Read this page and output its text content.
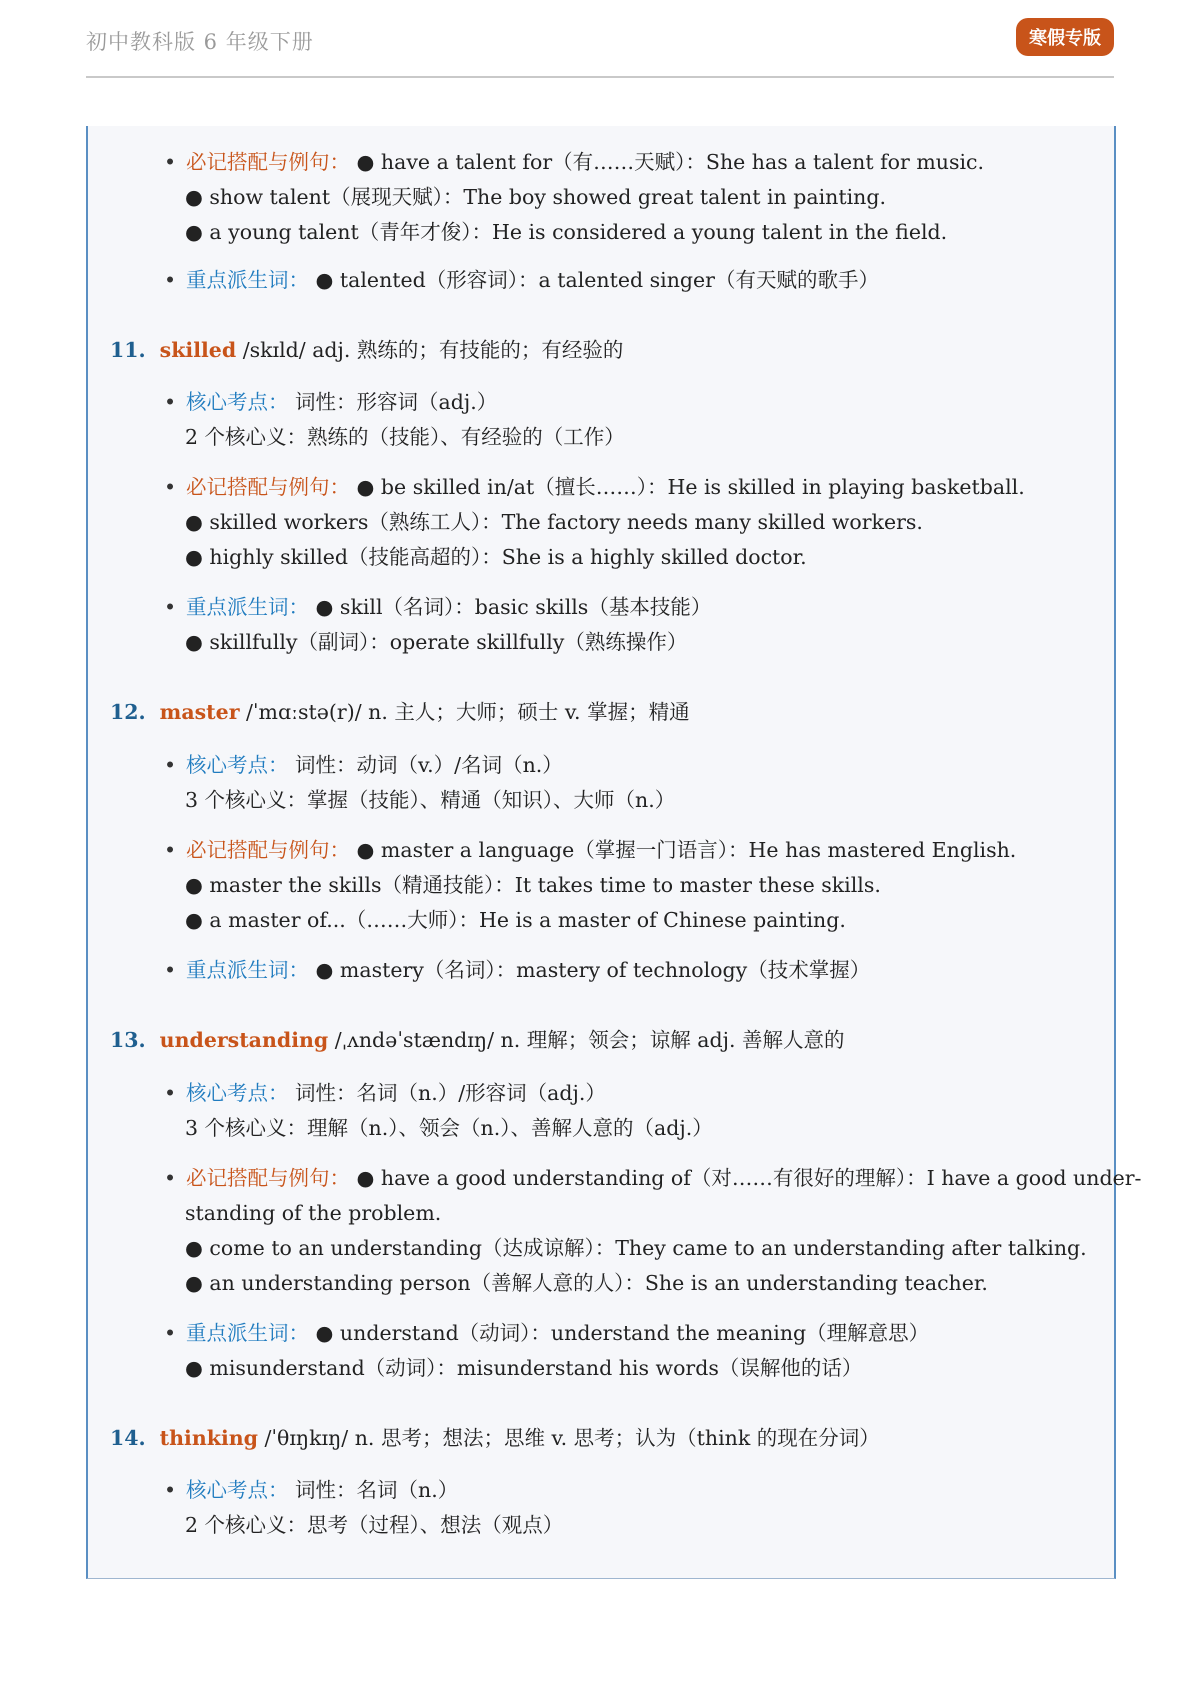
初中教科版 6 年级下册	寒假专版
• 必记搭配与例句： ● have a talent for（有……天赋）：She has a talent for music.
● show talent（展现天赋）：The boy showed great talent in painting.
● a young talent（青年才俊）：He is considered a young talent in the field.
• 重点派生词： ● talented（形容词）：a talented singer（有天赋的歌手）
11. skilled /skɪld/ adj. 熟练的；有技能的；有经验的
• 核心考点： 词性：形容词（adj.）
2 个核心义：熟练的（技能）、有经验的（工作）
• 必记搭配与例句： ● be skilled in/at（擅长……）：He is skilled in playing basketball.
● skilled workers（熟练工人）：The factory needs many skilled workers.
● highly skilled（技能高超的）：She is a highly skilled doctor.
• 重点派生词： ● skill（名词）：basic skills（基本技能）
● skillfully（副词）：operate skillfully（熟练操作）
12. master /ˈmɑːstə(r)/ n. 主人；大师；硕士 v. 掌握；精通
• 核心考点： 词性：动词（v.）/名词（n.）
3 个核心义：掌握（技能）、精通（知识）、大师（n.）
• 必记搭配与例句： ● master a language（掌握一门语言）：He has mastered English.
● master the skills（精通技能）：It takes time to master these skills.
● a master of...（……大师）：He is a master of Chinese painting.
• 重点派生词： ● mastery（名词）：mastery of technology（技术掌握）
13. understanding /ˌʌndəˈstændɪŋ/ n. 理解；领会；谅解 adj. 善解人意的
• 核心考点： 词性：名词（n.）/形容词（adj.）
3 个核心义：理解（n.）、领会（n.）、善解人意的（adj.）
• 必记搭配与例句： ● have a good understanding of（对……有很好的理解）：I have a good under-
standing of the problem.
● come to an understanding（达成谅解）：They came to an understanding after talking.
● an understanding person（善解人意的人）：She is an understanding teacher.
• 重点派生词： ● understand（动词）：understand the meaning（理解意思）
● misunderstand（动词）：misunderstand his words（误解他的话）
14. thinking /ˈθɪŋkɪŋ/ n. 思考；想法；思维 v. 思考；认为（think 的现在分词）
• 核心考点： 词性：名词（n.）
2 个核心义：思考（过程）、想法（观点）
